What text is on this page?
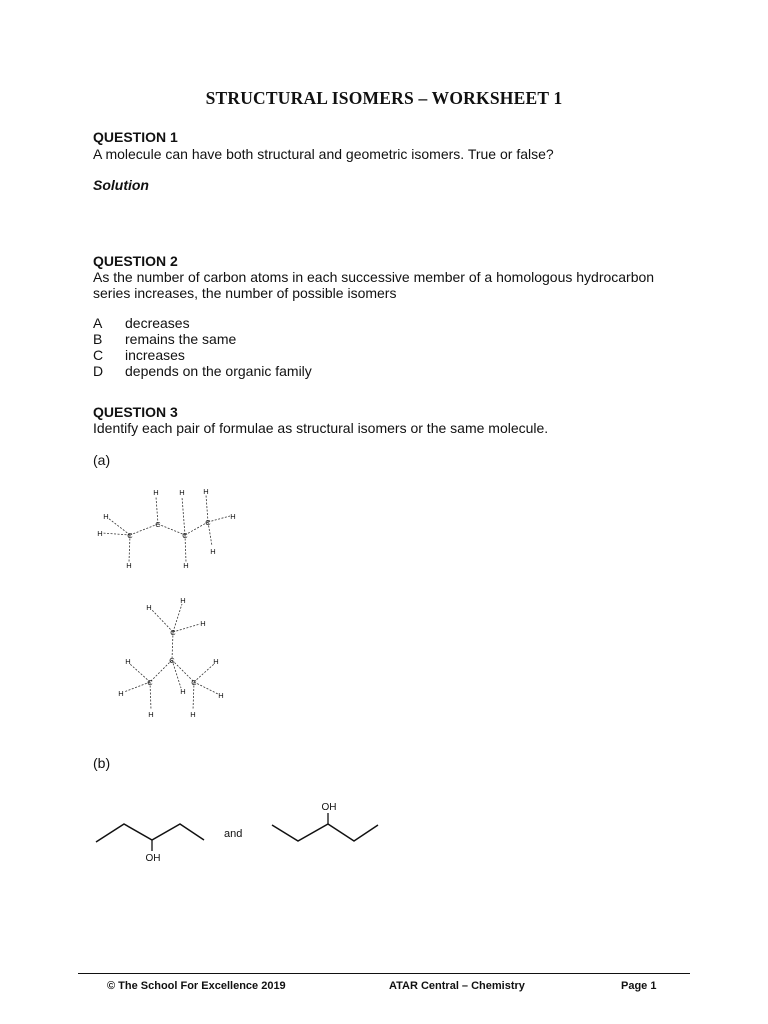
STRUCTURAL ISOMERS – WORKSHEET 1
QUESTION 1
A molecule can have both structural and geometric isomers. True or false?
Solution
QUESTION 2
As the number of carbon atoms in each successive member of a homologous hydrocarbon
series increases, the number of possible isomers
A decreases
B remains the same
C increases
D depends on the organic family
QUESTION 3
Identify each pair of formulae as structural isomers or the same molecule.
(a)
C
C
C
C
H
H
H
H	H
H
H
H
H
C
C
C	C
H
H
H
H
H
H
H
H
H
H
(b)
OH
and
OH
© The School For Excellence 2019	ATAR Central – Chemistry	Page 1
